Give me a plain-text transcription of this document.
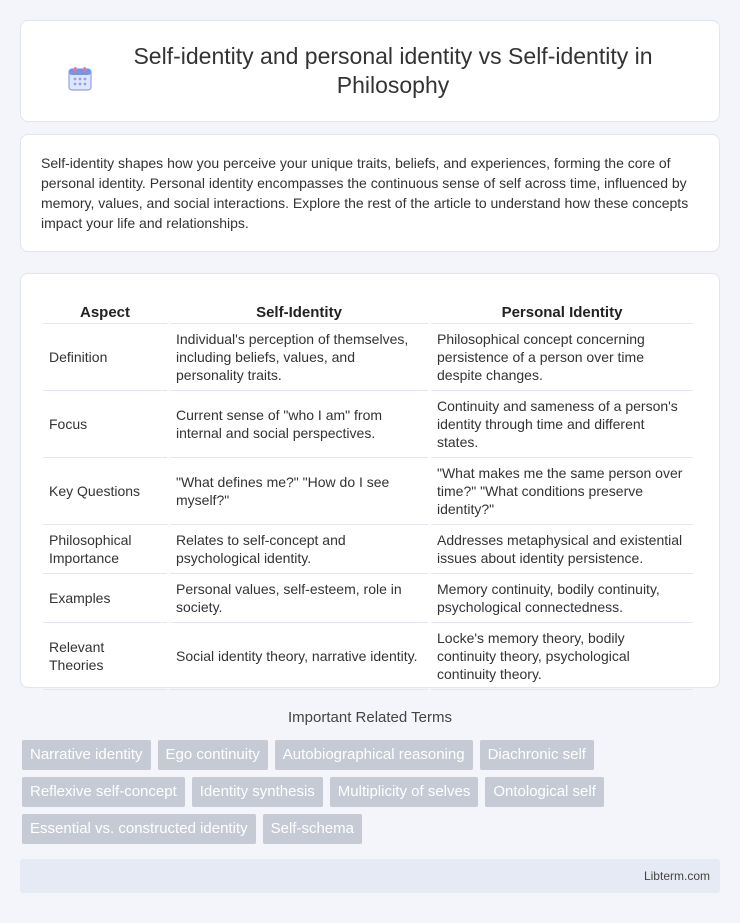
Self-identity and personal identity vs Self-identity in Philosophy

Self-identity shapes how you perceive your unique traits, beliefs, and experiences, forming the core of personal identity. Personal identity encompasses the continuous sense of self across time, influenced by memory, values, and social interactions. Explore the rest of the article to understand how these concepts impact your life and relationships.

Aspect	Self-Identity	Personal Identity
Definition	Individual's perception of themselves, including beliefs, values, and personality traits.	Philosophical concept concerning persistence of a person over time despite changes.
Focus	Current sense of "who I am" from internal and social perspectives.	Continuity and sameness of a person's identity through time and different states.
Key Questions	"What defines me?" "How do I see myself?"	"What makes me the same person over time?" "What conditions preserve identity?"
Philosophical Importance	Relates to self-concept and psychological identity.	Addresses metaphysical and existential issues about identity persistence.
Examples	Personal values, self-esteem, role in society.	Memory continuity, bodily continuity, psychological connectedness.
Relevant Theories	Social identity theory, narrative identity.	Locke's memory theory, bodily continuity theory, psychological continuity theory.
Important Related Terms
Narrative identity	Ego continuity	Autobiographical reasoning	Diachronic self
Reflexive self-concept	Identity synthesis	Multiplicity of selves	Ontological self
Essential vs. constructed identity	Self-schema
Libterm.com
